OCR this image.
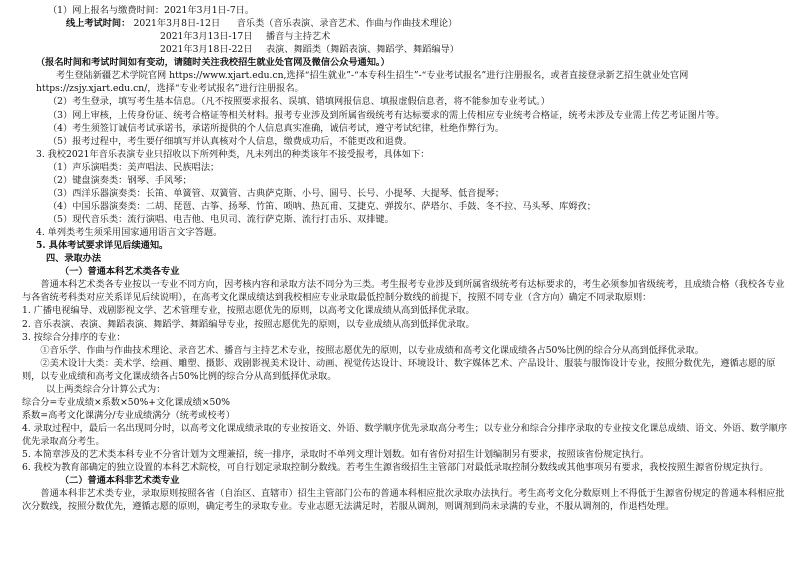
（1）网上报名与缴费时间：2021年3月1日-7日。

线上考试时间： 2021年3月8日-12日 音乐类（音乐表演、录音艺术、作曲与作曲技术理论）

2021年3月13日-17日 播音与主持艺术

2021年3月18日-22日 表演、舞蹈类（舞蹈表演、舞蹈学、舞蹈编导）

（报名时间和考试时间如有变动，请随时关注我校招生就业处官网及微信公众号通知。）

考生登陆新疆艺术学院官网 https://www.xjart.edu.cn,选择“招生就业”-“本专科生招生”-“专业考试报名”进行注册报名，或者直接登录新艺招生就业处官网

https://zsjy.xjart.edu.cn/，选择“专业考试报名”进行注册报名。

（2）考生登录，填写考生基本信息。（凡不按照要求报名、误填、错填网报信息、填报虚假信息者，将不能参加专业考试。）

（3）网上审核，上传身份证、统考合格证等相关材料。报考专业涉及到所属省级统考有达标要求的需上传相应专业统考合格证，统考未涉及专业需上传艺考证图片等。

（4）考生须签订诚信考试承诺书，承诺所提供的个人信息真实准确，诚信考试，遵守考试纪律，杜绝作弊行为。

（5）报考过程中，考生要仔细填写并认真核对个人信息，缴费成功后，不能更改和退费。

3. 我校2021年音乐表演专业只招收以下所列种类，凡未列出的种类该年不接受报考，具体如下：

（1）声乐演唱类：美声唱法、民族唱法；

（2）键盘演奏类：钢琴、手风琴；

（3）西洋乐器演奏类：长笛、单簧管、双簧管、古典萨克斯、小号、圆号、长号、小提琴、大提琴、低音提琴；

（4）中国乐器演奏类：二胡、琵琶、古筝、扬琴、竹笛、唢呐、热瓦甫、艾捷克、弹拨尔、萨塔尔、手鼓、冬不拉、马头琴、库姆孜；

（5）现代音乐类：流行演唱、电吉他、电贝司、流行萨克斯、流行打击乐、双排键。

4. 单列类考生须采用国家通用语言文字答题。

5. 具体考试要求详见后续通知。

四、录取办法

（一）普通本科艺术类各专业

普通本科艺术类各专业按以一专业不同方向，因考核内容和录取方法不同分为三类。考生报考专业涉及到所属省级统考有达标要求的，考生必须参加省级统考，且成绩合格（我校各专业与各省统考科类对应关系详见后续说明），在高考文化课成绩达到我校相应专业录取最低控制分数线的前提下，按照不同专业（含方向）确定不同录取原则：

1. 广播电视编导、戏剧影视文学、艺术管理专业，按照志愿优先的原则，以高考文化课成绩从高到低择优录取。

2. 音乐表演、表演、舞蹈表演、舞蹈学、舞蹈编导专业，按照志愿优先的原则，以专业成绩从高到低择优录取。

3. 按综合分排序的专业：

①音乐学、作曲与作曲技术理论、录音艺术、播音与主持艺术专业，按照志愿优先的原则，以专业成绩和高考文化课成绩各占50%比例的综合分从高到低择优录取。

②美术设计大类：美术学、绘画、雕塑、摄影、戏剧影视美术设计、动画、视觉传达设计、环境设计、数字媒体艺术、产品设计、服装与服饰设计专业，按照分数优先，遵循志愿的原则，以专业成绩和高考文化课成绩各占50%比例的综合分从高到低择优录取。

以上两类综合分计算公式为：

综合分=专业成绩×系数×50%+文化课成绩×50%

系数=高考文化课满分/专业成绩满分（统考或校考）

4. 录取过程中，最后一名出现同分时，以高考文化课成绩录取的专业按语文、外语、数学顺序优先录取高分考生；以专业分和综合分排序录取的专业按文化课总成绩、语文、外语、数学顺序优先录取高分考生。

5. 本简章涉及的艺术类本科专业不分省计划为文理兼招，统一排序，录取时不单列文理计划数。如有省份对招生计划编制另有要求，按照该省份规定执行。

6. 我校为教育部确定的独立设置的本科艺术院校，可自行划定录取控制分数线。若考生生源省级招生主管部门对最低录取控制分数线或其他事项另有要求，我校按照生源省份规定执行。

（二）普通本科非艺术类专业

普通本科非艺术类专业，录取原则按照各省（自治区、直辖市）招生主管部门公布的普通本科相应批次录取办法执行。考生高考文化分数原则上不得低于生源省份规定的普通本科相应批次分数线，按照分数优先，遵循志愿的原则，确定考生的录取专业。专业志愿无法满足时，若服从调剂，则调剂到尚未录满的专业，不服从调剂的，作退档处理。
